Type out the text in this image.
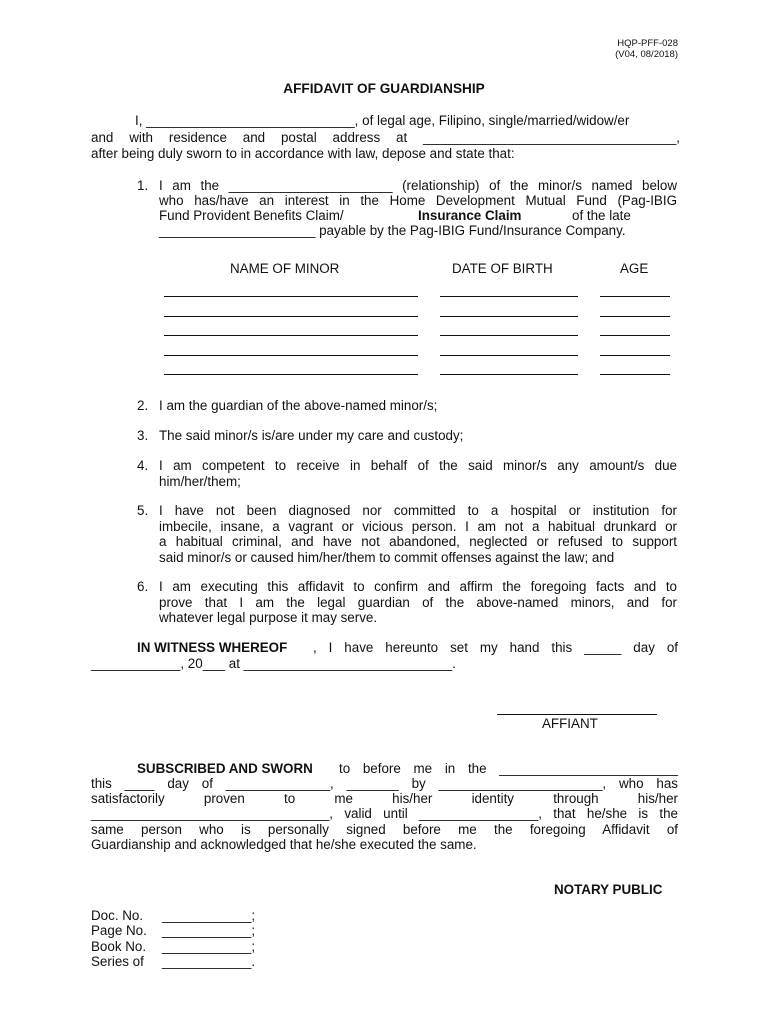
HQP-PFF-028
(V04, 08/2018)
AFFIDAVIT OF GUARDIANSHIP
I, ____________________________, of legal age, Filipino, single/married/widow/er
and with residence and postal address at __________________________________,
after being duly sworn to in accordance with law, depose and state that:
1. I am the ______________________ (relationship) of the minor/s named below
who has/have an interest in the Home Development Mutual Fund (Pag-IBIG
Fund Provident Benefits Claim/	Insurance Claim	of the late
_____________________ payable by the Pag-IBIG Fund/Insurance Company.
NAME OF MINOR	DATE OF BIRTH	AGE
2. I am the guardian of the above-named minor/s;
3. The said minor/s is/are under my care and custody;
4. I am competent to receive in behalf of the said minor/s any amount/s due
him/her/them;
5. I have not been diagnosed nor committed to a hospital or institution for
imbecile, insane, a vagrant or vicious person. I am not a habitual drunkard or
a habitual criminal, and have not abandoned, neglected or refused to support
said minor/s or caused him/her/them to commit offenses against the law; and
6. I am executing this affidavit to confirm and affirm the foregoing facts and to
prove that I am the legal guardian of the above-named minors, and for
whatever legal purpose it may serve.
IN WITNESS WHEREOF , I have hereunto set my hand this _____ day of
____________, 20___ at ____________________________.
AFFIANT
SUBSCRIBED AND SWORN to before me in the ________________________
this ____ day of ______________, _______ by ______________________, who has
satisfactorily proven to me his/her identity through his/her
________________________________, valid until ________________, that he/she is the
same person who is personally signed before me the foregoing Affidavit of
Guardianship and acknowledged that he/she executed the same.
NOTARY PUBLIC
Doc. No. ____________;
Page No. ____________;
Book No. ____________;
Series of ____________.
